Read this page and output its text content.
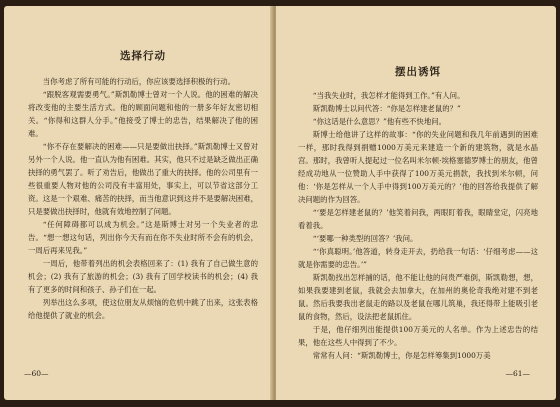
选择行动

当你考虑了所有可能的行动后，你应该要选择积极的行动。

“跟脱客观需要勇气。”斯凯勒博士曾对一个人说。他的困难的解决将改变他的主要生活方式。他的顾面问题和他的一册多年好友密切相关。“你得和这群人分手。”他接受了博士的忠告，结果解决了他的困难。

“你不存在要解决的困难——只是要做出抉择。”斯凯勒博士又曾对另外一个人说。他一直认为他有困难。其实，他只不过是缺乏做出正确抉择的勇气罢了。听了劝告后，他做出了重大的抉择。他的公司里有一些很重要人物对他的公司没有丰富用处，事实上，可以节省这部分工资。这是一个艰难、痛苦的抉择，而当他意识到这并不是要解决困难，只是要做出抉择时，他就有效地控制了问题。

“任何障碍都可以成为机会。”这是斯博士对另一个失业者的忠告。“想一想这句话，列出你今天有而在你不失业时所不会有的机会，一周后再来见我。”

一周后，他带着列出的机会表格回来了：(1) 我有了自己做生意的机会；(2) 我有了旅游的机会；(3) 我有了回学校读书的机会；(4) 我有了更多的时间和孩子、孙子们在一起。

列举出这么多项，使这位朋友从烦恼的危机中跳了出来，这张表格给他提供了就业的机会。

—60—
摆出诱饵

“当我失业时，我怎样才能得到工作。”有人问。

斯凯勒博士以问代答：“你是怎样建老鼠的？”

“你这话是什么意思？”他有些不快地问。

斯博士给他讲了这样的故事：“你的失业问题和我几年前遇到的困难一样，那时我得到捐赠1000万美元来建造一个新的建筑物，就是水晶宫。那时，我曾听人提起过一位名叫米尔顿·埃格塞德罗博士的朋友，他曾经成功地从一位赞助人手中获得了100万美元捐款，我找到米尔顿，问他：‘你是怎样从一个人手中得到100万美元的？’他的回答给我提供了解决问题的作为回答。

“‘要是怎样建老鼠的？’他笑着问我，两眼盯着我，眼睛堂定，闪亮地看着我。

“‘要哪一种类型的回答？’我问。

“‘你真聪明。’他答道，转身走开去，扔给我一句话：‘仔细考虑——这就是你需要的忠告。’”

斯凯勒找出怎样捕的话，他不能让他的问贵严难倒，斯凯勒想，想，如果我要建到老鼠，我就会去加拿大，在加州的奥伦奇我绝对建不到老鼠。然后我要我出老鼠走的路以及老鼠在哪儿筑巢，我还得带上能吸引老鼠的食物，然后，设法把老鼠抓住。

于是，他仔细列出能提供100万美元的人名单。作为上述忠告的结果，他在这些人中得到了不少。

常常有人问：“斯凯勒博士，你是怎样筹集到1000万美

—61—
